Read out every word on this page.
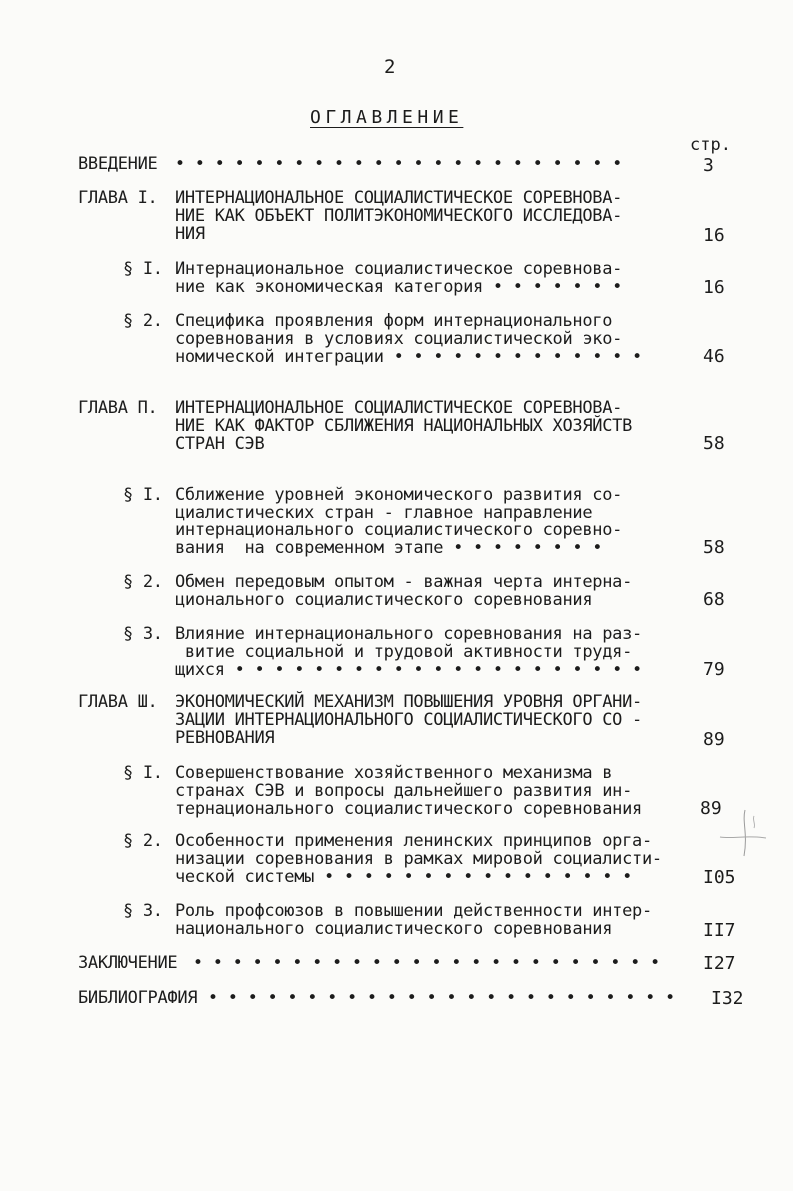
2
ОГЛАВЛЕНИЕ
стр.
ВВЕДЕНИЕ • • • • • • • • • • • • • • • • • • • • • • •	3
ГЛАВА I. ИНТЕРНАЦИОНАЛЬНОЕ СОЦИАЛИСТИЧЕСКОЕ СОРЕВНОВА-
НИЕ КАК ОБЪЕКТ ПОЛИТЭКОНОМИЧЕСКОГО ИССЛЕДОВА-
НИЯ	16
§ I. Интернациональное социалистическое соревнова-
ние как экономическая категория • • • • • • •	16
§ 2. Специфика проявления форм интернационального
соревнования в условиях социалистической эко-
номической интеграции • • • • • • • • • • • • •	46
ГЛАВА П. ИНТЕРНАЦИОНАЛЬНОЕ СОЦИАЛИСТИЧЕСКОЕ СОРЕВНОВА-
НИЕ КАК ФАКТОР СБЛИЖЕНИЯ НАЦИОНАЛЬНЫХ ХОЗЯЙСТВ
СТРАН СЭВ	58
§ I. Сближение уровней экономического развития со-
циалистических стран - главное направление
интернационального социалистического соревно-
вания  на современном этапе • • • • • • • •	58
§ 2. Обмен передовым опытом - важная черта интерна-
ционального социалистического соревнования	68
§ 3. Влияние интернационального соревнования на раз-
витие социальной и трудовой активности трудя-
щихся • • • • • • • • • • • • • • • • • • • • •	79
ГЛАВА Ш. ЭКОНОМИЧЕСКИЙ МЕХАНИЗМ ПОВЫШЕНИЯ УРОВНЯ ОРГАНИ-
ЗАЦИИ ИНТЕРНАЦИОНАЛЬНОГО СОЦИАЛИСТИЧЕСКОГО СО -
РЕВНОВАНИЯ	89
§ I. Совершенствование хозяйственного механизма в
странах СЭВ и вопросы дальнейшего развития ин-
тернационального социалистического соревнования	89
§ 2. Особенности применения ленинских принципов орга-
низации соревнования в рамках мировой социалисти-
ческой системы • • • • • • • • • • • • • • • •	I05
§ 3. Роль профсоюзов в повышении действенности интер-
национального социалистического соревнования	II7
ЗАКЛЮЧЕНИЕ • • • • • • • • • • • • • • • • • • • • • • • • I27
БИБЛИОГРАФИЯ • • • • • • • • • • • • • • • • • • • • • • • • I32
